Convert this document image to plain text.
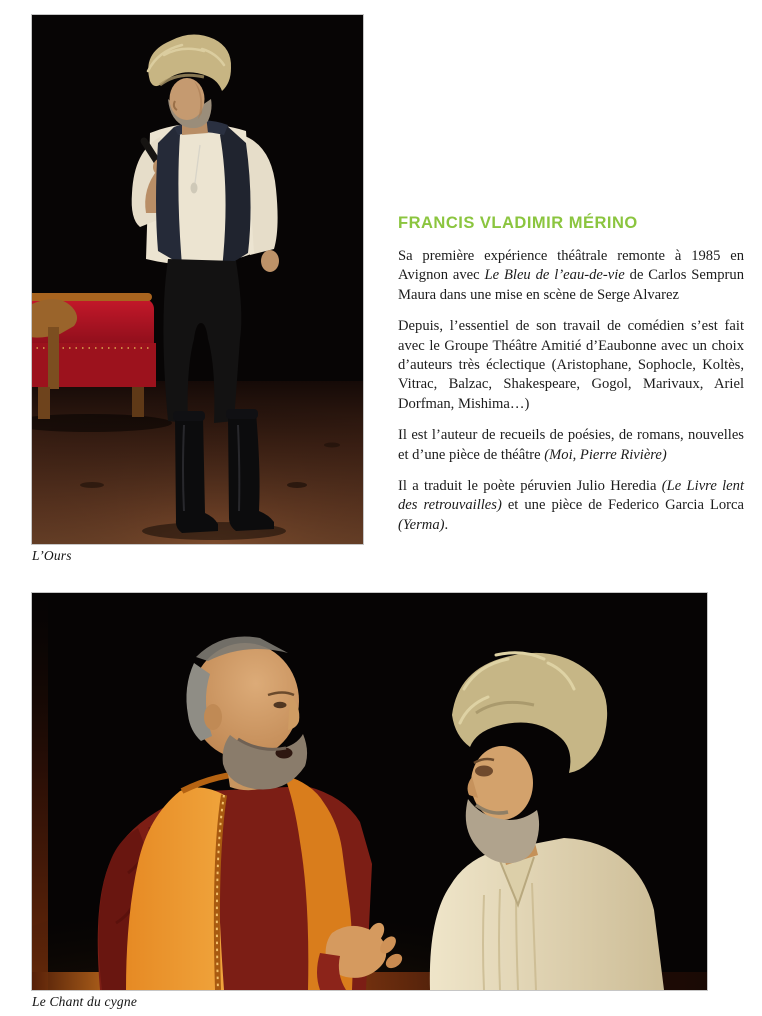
L’Ours
FRANCIS VLADIMIR MÉRINO

Sa première expérience théâtrale remonte à 1985 en Avignon avec Le Bleu de l’eau-de-vie de Carlos Semprun Maura dans une mise en scène de Serge Alvarez

Depuis, l’essentiel de son travail de comédien s’est fait avec le Groupe Théâtre Amitié d’Eaubonne avec un choix d’auteurs très éclectique (Aristophane, Sophocle, Koltès, Vitrac, Balzac, Shakespeare, Gogol, Marivaux, Ariel Dorfman, Mishima…)

Il est l’auteur de recueils de poésies, de romans, nouvelles et d’une pièce de théâtre (Moi, Pierre Rivière)

Il a traduit le poète péruvien Julio Heredia (Le Livre lent des retrouvailles) et une pièce de Federico Garcia Lorca (Yerma).

Le Chant du cygne
